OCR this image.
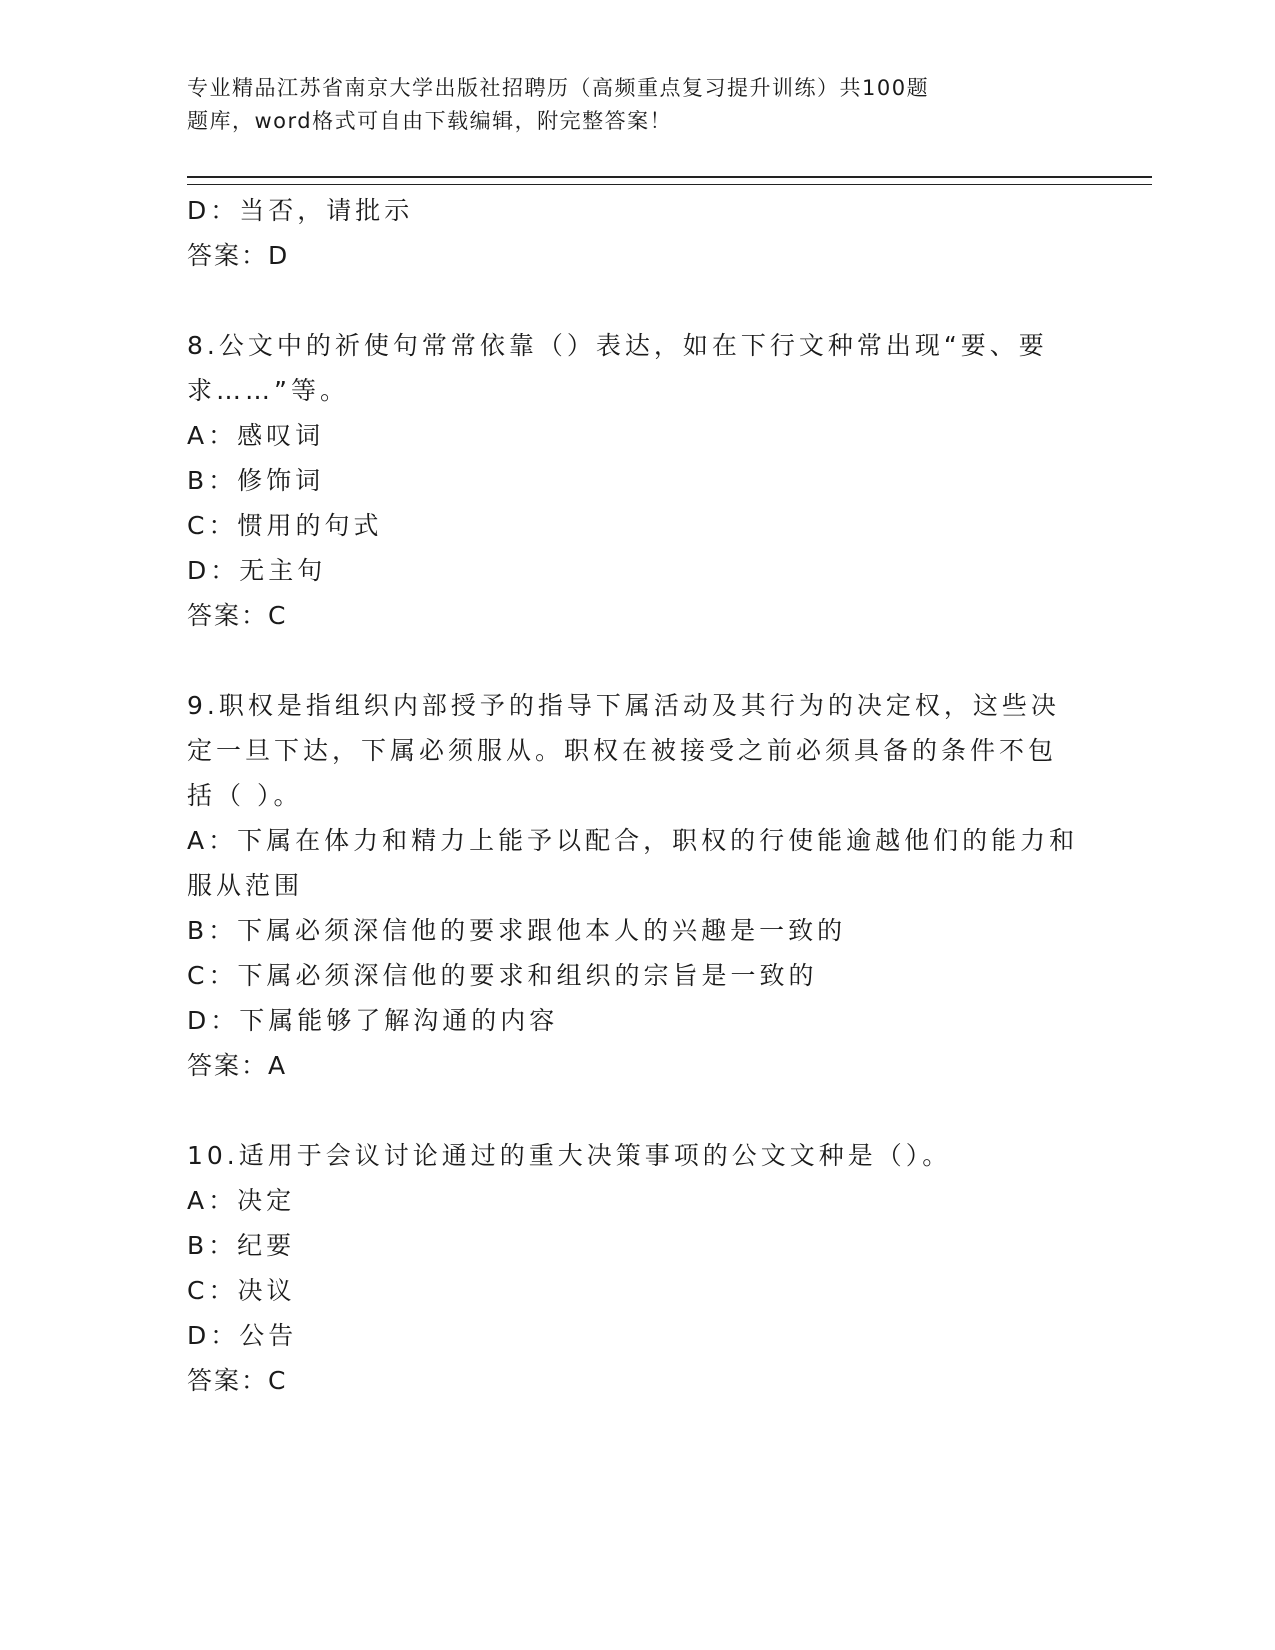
专业精品江苏省南京大学出版社招聘历（高频重点复习提升训练）共100题
题库，word格式可自由下载编辑，附完整答案！
D：当否，请批示
答案：D
8.公文中的祈使句常常依靠（）表达，如在下行文种常出现“要、要
求……”等。
A：感叹词
B：修饰词
C：惯用的句式
D：无主句
答案：C
9.职权是指组织内部授予的指导下属活动及其行为的决定权，这些决
定一旦下达，下属必须服从。职权在被接受之前必须具备的条件不包
括（ ）。
A：下属在体力和精力上能予以配合，职权的行使能逾越他们的能力和
服从范围
B：下属必须深信他的要求跟他本人的兴趣是一致的
C：下属必须深信他的要求和组织的宗旨是一致的
D：下属能够了解沟通的内容
答案：A
10.适用于会议讨论通过的重大决策事项的公文文种是（）。
A：决定
B：纪要
C：决议
D：公告
答案：C
